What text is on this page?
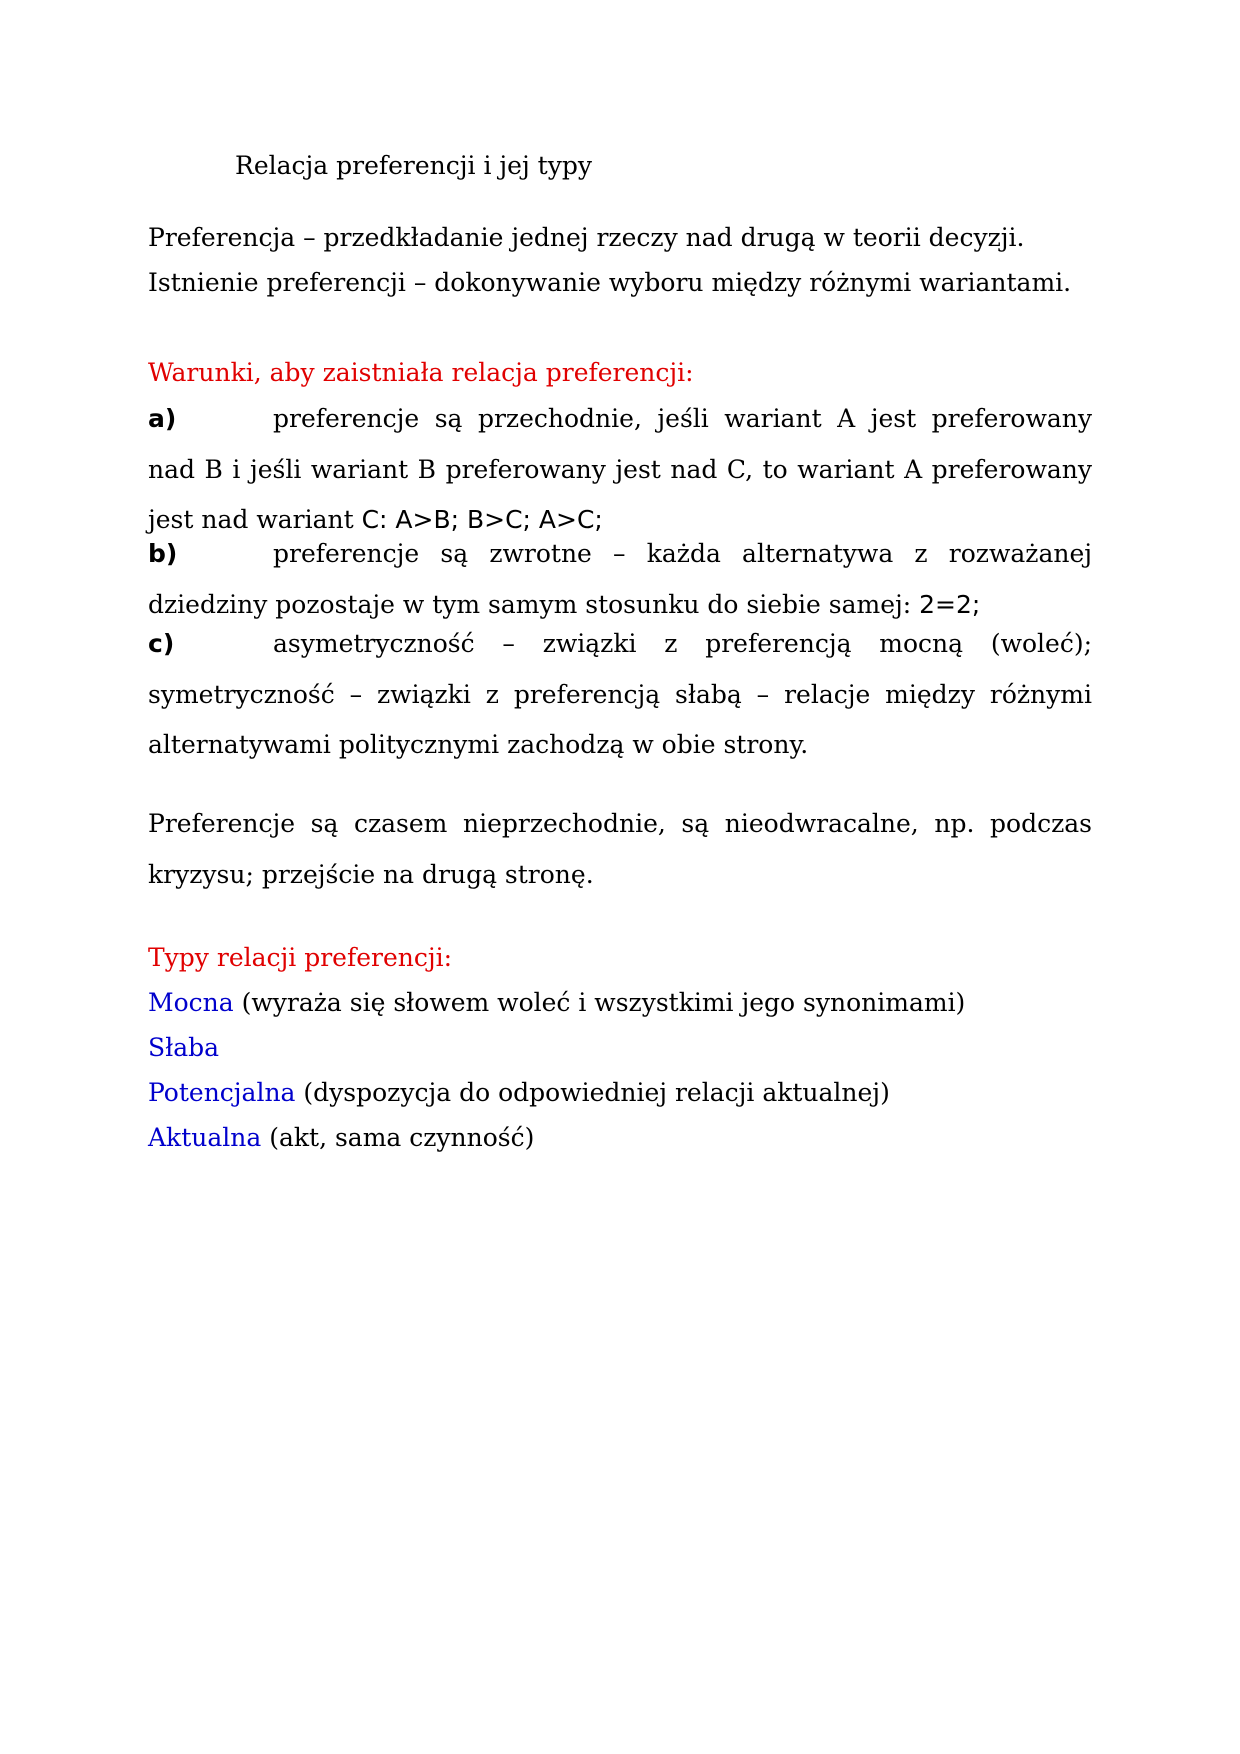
Relacja preferencji i jej typy
Preferencja – przedkładanie jednej rzeczy nad drugą w teorii decyzji.
Istnienie preferencji – dokonywanie wyboru między różnymi wariantami.
Warunki, aby zaistniała relacja preferencji:
a)	preferencje są przechodnie, jeśli wariant A jest preferowany nad B i jeśli wariant B preferowany jest nad C, to wariant A preferowany jest nad wariant C: A>B; B>C; A>C;
b)	preferencje są zwrotne – każda alternatywa z rozważanej dziedziny pozostaje w tym samym stosunku do siebie samej: 2=2;
c)	asymetryczność – związki z preferencją mocną (woleć); symetryczność – związki z preferencją słabą – relacje między różnymi alternatywami politycznymi zachodzą w obie strony.
Preferencje są czasem nieprzechodnie, są nieodwracalne, np. podczas kryzysu; przejście na drugą stronę.
Typy relacji preferencji:
Mocna (wyraża się słowem woleć i wszystkimi jego synonimami)
Słaba
Potencjalna (dyspozycja do odpowiedniej relacji aktualnej)
Aktualna (akt, sama czynność)
